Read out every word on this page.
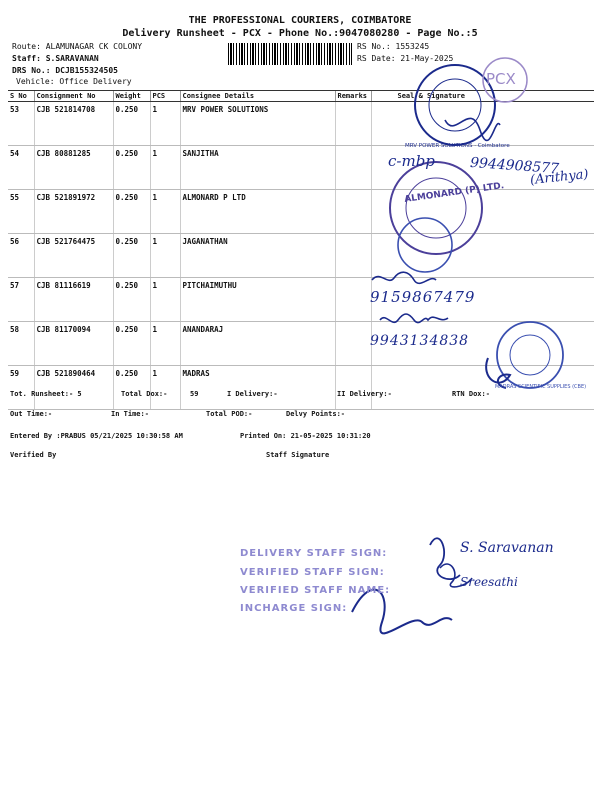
THE PROFESSIONAL COURIERS, COIMBATORE
Delivery Runsheet - PCX - Phone No.:9047080280 - Page No.:5
Route: ALAMUNAGAR CK COLONY
Staff: S.SARAVANAN
DRS No.: DCJB155324505
Vehicle: Office Delivery
RS No.: 1553245
RS Date: 21-May-2025
S No	Consignment No	Weight	PCS	Consignee Details	Remarks	Seal & Signature
53	CJB 521814708	0.250	1	MRV POWER SOLUTIONS		
54	CJB 80881285	0.250	1	SANJITHA		
55	CJB 521891972	0.250	1	ALMONARD P LTD		
56	CJB 521764475	0.250	1	JAGANATHAN		
57	CJB 81116619	0.250	1	PITCHAIMUTHU		
58	CJB 81170094	0.250	1	ANANDARAJ		
59	CJB 521890464	0.250	1	MADRAS		
PCX
MRV POWER SOLUTIONS · Coimbatore
ALMONARD (P) LTD.
MADRAS SCIENTIFIC SUPPLIES (CBE)
c-mbp 9944908577
(Arithya)
9159867479
9943134838
Tot. Runsheet:- 5	Total Dox:-	59	I Delivery:-	II Delivery:-	RTN Dox:-
Out Time:-	In Time:-	Total POD:-	Delvy Points:-
Entered By :PRABUS 05/21/2025 10:30:58 AM	Printed On: 21-05-2025 10:31:20
Verified By	Staff Signature
DELIVERY STAFF SIGN:
VERIFIED STAFF SIGN:
VERIFIED STAFF NAME:
INCHARGE SIGN:
S. Saravanan
Sreesathi
